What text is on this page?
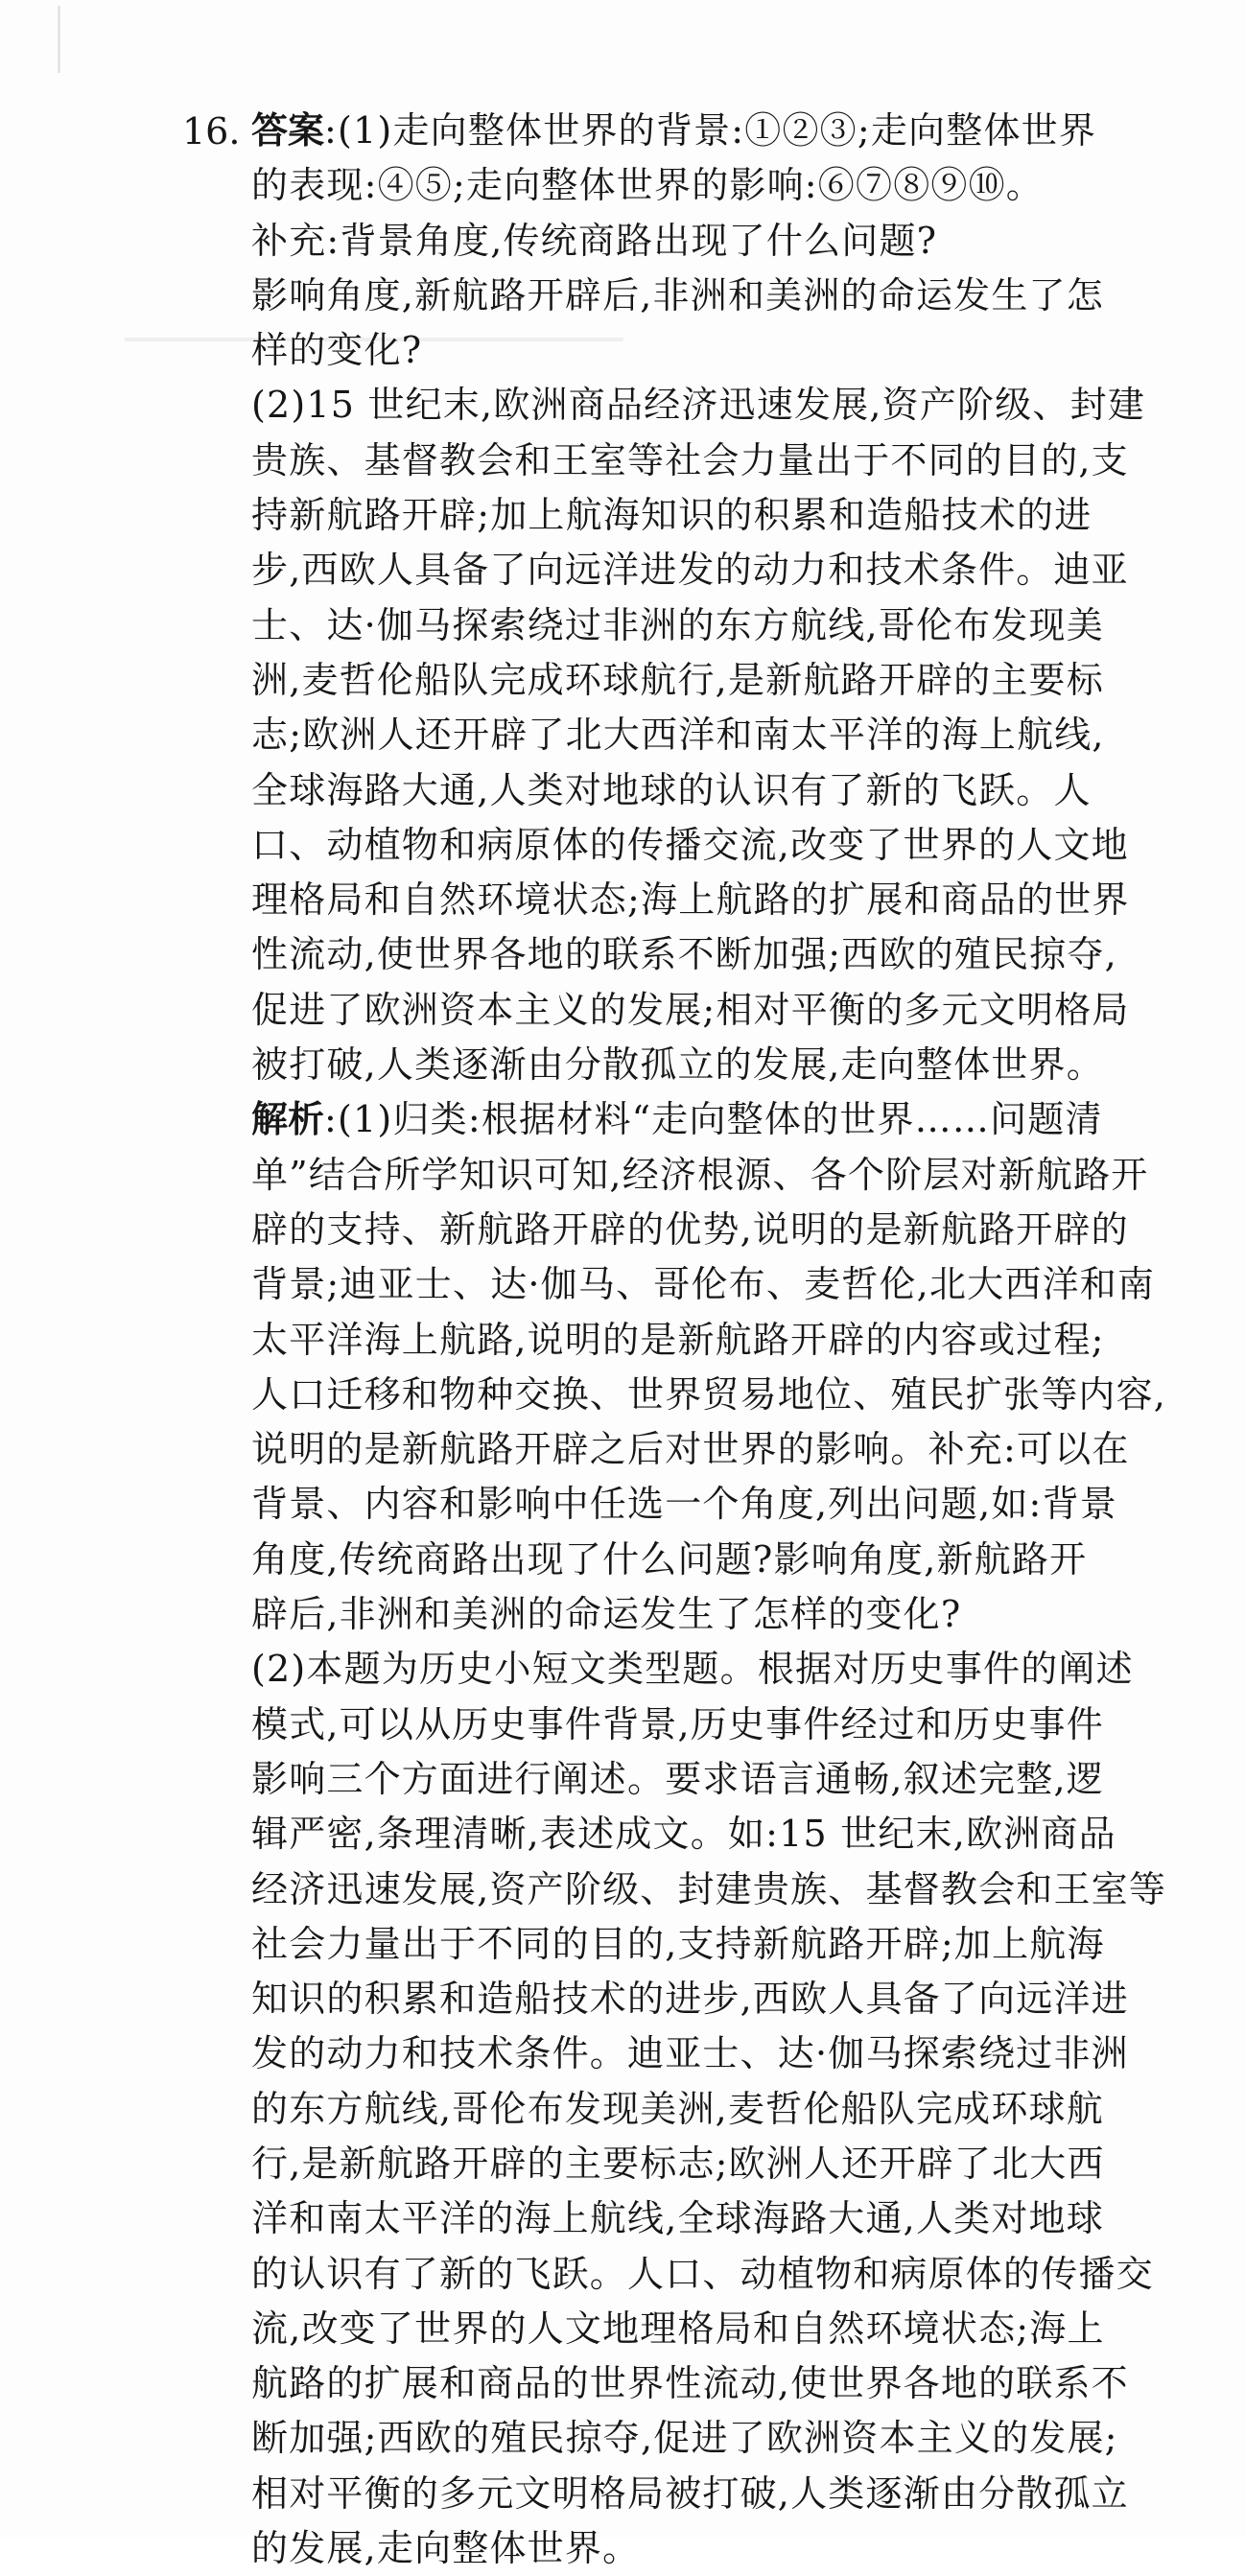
16. 答案:(1)走向整体世界的背景:①②③;走向整体世界
的表现:④⑤;走向整体世界的影响:⑥⑦⑧⑨⑩。
补充:背景角度,传统商路出现了什么问题?
影响角度,新航路开辟后,非洲和美洲的命运发生了怎
样的变化?
(2)15 世纪末,欧洲商品经济迅速发展,资产阶级、封建
贵族、基督教会和王室等社会力量出于不同的目的,支
持新航路开辟;加上航海知识的积累和造船技术的进
步,西欧人具备了向远洋进发的动力和技术条件。迪亚
士、达·伽马探索绕过非洲的东方航线,哥伦布发现美
洲,麦哲伦船队完成环球航行,是新航路开辟的主要标
志;欧洲人还开辟了北大西洋和南太平洋的海上航线,
全球海路大通,人类对地球的认识有了新的飞跃。人
口、动植物和病原体的传播交流,改变了世界的人文地
理格局和自然环境状态;海上航路的扩展和商品的世界
性流动,使世界各地的联系不断加强;西欧的殖民掠夺,
促进了欧洲资本主义的发展;相对平衡的多元文明格局
被打破,人类逐渐由分散孤立的发展,走向整体世界。
解析:(1)归类:根据材料“走向整体的世界……问题清
单”结合所学知识可知,经济根源、各个阶层对新航路开
辟的支持、新航路开辟的优势,说明的是新航路开辟的
背景;迪亚士、达·伽马、哥伦布、麦哲伦,北大西洋和南
太平洋海上航路,说明的是新航路开辟的内容或过程;
人口迁移和物种交换、世界贸易地位、殖民扩张等内容,
说明的是新航路开辟之后对世界的影响。补充:可以在
背景、内容和影响中任选一个角度,列出问题,如:背景
角度,传统商路出现了什么问题?影响角度,新航路开
辟后,非洲和美洲的命运发生了怎样的变化?
(2)本题为历史小短文类型题。根据对历史事件的阐述
模式,可以从历史事件背景,历史事件经过和历史事件
影响三个方面进行阐述。要求语言通畅,叙述完整,逻
辑严密,条理清晰,表述成文。如:15 世纪末,欧洲商品
经济迅速发展,资产阶级、封建贵族、基督教会和王室等
社会力量出于不同的目的,支持新航路开辟;加上航海
知识的积累和造船技术的进步,西欧人具备了向远洋进
发的动力和技术条件。迪亚士、达·伽马探索绕过非洲
的东方航线,哥伦布发现美洲,麦哲伦船队完成环球航
行,是新航路开辟的主要标志;欧洲人还开辟了北大西
洋和南太平洋的海上航线,全球海路大通,人类对地球
的认识有了新的飞跃。人口、动植物和病原体的传播交
流,改变了世界的人文地理格局和自然环境状态;海上
航路的扩展和商品的世界性流动,使世界各地的联系不
断加强;西欧的殖民掠夺,促进了欧洲资本主义的发展;
相对平衡的多元文明格局被打破,人类逐渐由分散孤立
的发展,走向整体世界。
